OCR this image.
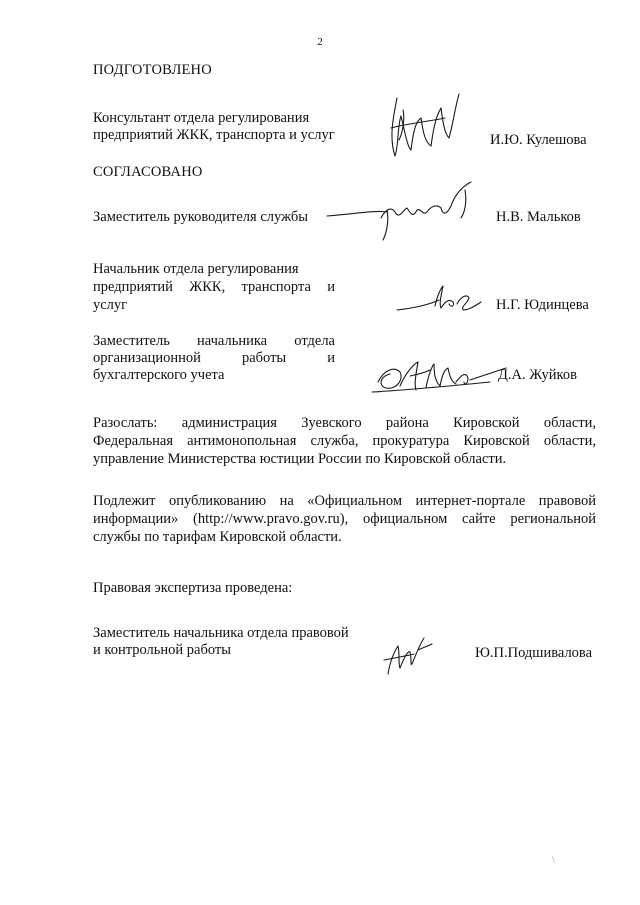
2
ПОДГОТОВЛЕНО
Консультант отдела регулирования
предприятий ЖКК, транспорта и услуг	И.Ю. Кулешова
СОГЛАСОВАНО
Заместитель руководителя службы	Н.В. Мальков
Начальник отдела регулирования
предприятий ЖКК, транспорта и
услуг	Н.Г. Юдинцева
Заместитель начальника отдела
организационной работы и
бухгалтерского учета	Д.А. Жуйков
Разослать: администрация Зуевского района Кировской области,
Федеральная антимонопольная служба, прокуратура Кировской области,
управление Министерства юстиции России по Кировской области.
Подлежит опубликованию на «Официальном интернет-портале правовой
информации» (http://www.pravo.gov.ru), официальном сайте региональной
службы по тарифам Кировской области.
Правовая экспертиза проведена:
Заместитель начальника отдела правовой
и контрольной работы	Ю.П.Подшивалова
\
